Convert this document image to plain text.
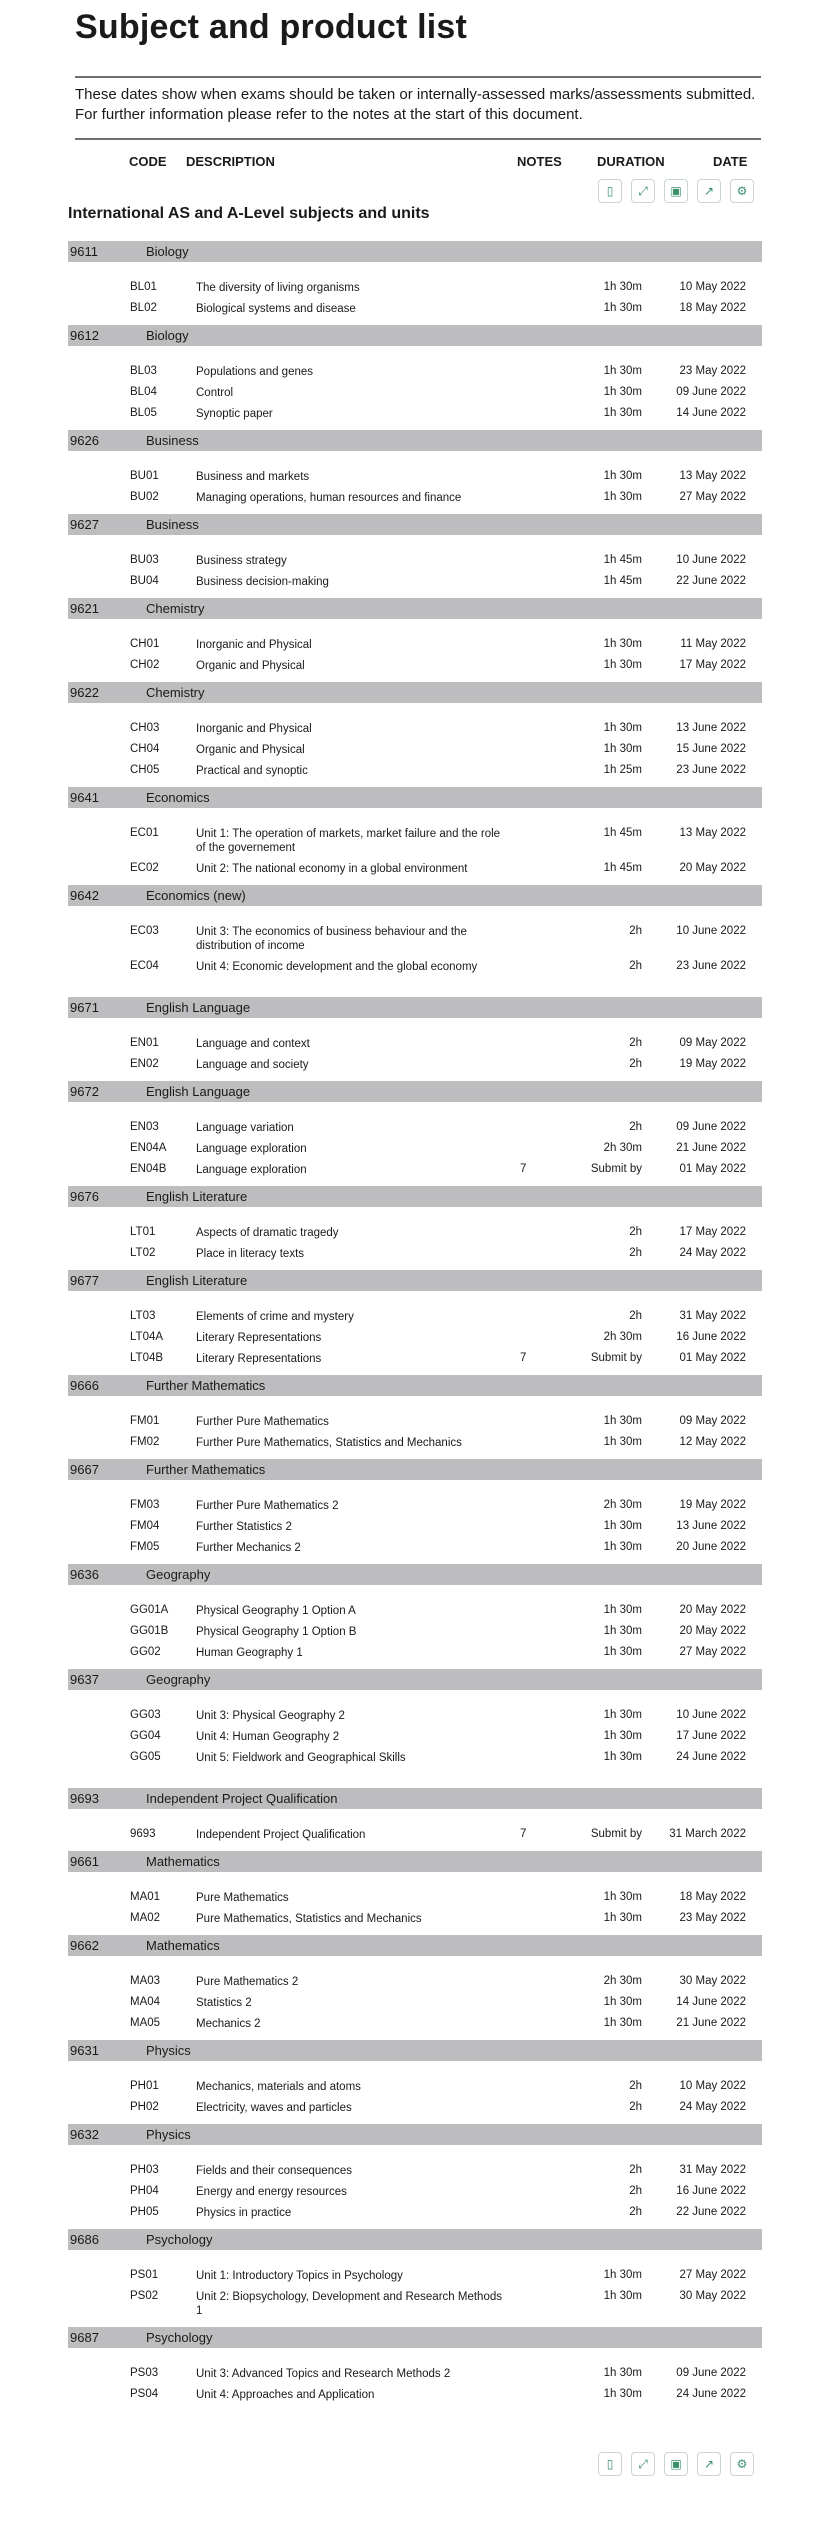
Subject and product list
These dates show when exams should be taken or internally-assessed marks/assessments submitted. For further information please refer to the notes at the start of this document.
CODE DESCRIPTION	NOTES	DURATION	DATE
▯	⤢	▣	↗	⚙
International AS and A-Level subjects and units
9611	Biology
BL01	The diversity of living organisms	1h 30m	10 May 2022
BL02	Biological systems and disease	1h 30m	18 May 2022
9612	Biology
BL03	Populations and genes	1h 30m	23 May 2022
BL04	Control	1h 30m	09 June 2022
BL05	Synoptic paper	1h 30m	14 June 2022
9626	Business
BU01	Business and markets	1h 30m	13 May 2022
BU02	Managing operations, human resources and finance	1h 30m	27 May 2022
9627	Business
BU03	Business strategy	1h 45m	10 June 2022
BU04	Business decision-making	1h 45m	22 June 2022
9621	Chemistry
CH01	Inorganic and Physical	1h 30m	11 May 2022
CH02	Organic and Physical	1h 30m	17 May 2022
9622	Chemistry
CH03	Inorganic and Physical	1h 30m	13 June 2022
CH04	Organic and Physical	1h 30m	15 June 2022
CH05	Practical and synoptic	1h 25m	23 June 2022
9641	Economics
EC01	Unit 1: The operation of markets, market failure and the role of the governement
1h 45m	13 May 2022
EC02	Unit 2: The national economy in a global environment	1h 45m	20 May 2022
9642	Economics (new)
EC03	Unit 3: The economics of business behaviour and the distribution of income
2h	10 June 2022
EC04	Unit 4: Economic development and the global economy	2h	23 June 2022
9671	English Language
EN01	Language and context	2h	09 May 2022
EN02	Language and society	2h	19 May 2022
9672	English Language
EN03	Language variation	2h	09 June 2022
EN04A	Language exploration	2h 30m	21 June 2022
EN04B	Language exploration	7	Submit by	01 May 2022
9676	English Literature
LT01	Aspects of dramatic tragedy	2h	17 May 2022
LT02	Place in literacy texts	2h	24 May 2022
9677	English Literature
LT03	Elements of crime and mystery	2h	31 May 2022
LT04A	Literary Representations	2h 30m	16 June 2022
LT04B	Literary Representations	7	Submit by	01 May 2022
9666	Further Mathematics
FM01	Further Pure Mathematics	1h 30m	09 May 2022
FM02	Further Pure Mathematics, Statistics and Mechanics	1h 30m	12 May 2022
9667	Further Mathematics
FM03	Further Pure Mathematics 2	2h 30m	19 May 2022
FM04	Further Statistics 2	1h 30m	13 June 2022
FM05	Further Mechanics 2	1h 30m	20 June 2022
9636	Geography
GG01A Physical Geography 1 Option A	1h 30m	20 May 2022
GG01B Physical Geography 1 Option B	1h 30m	20 May 2022
GG02	Human Geography 1	1h 30m	27 May 2022
9637	Geography
GG03	Unit 3: Physical Geography 2	1h 30m	10 June 2022
GG04	Unit 4: Human Geography 2	1h 30m	17 June 2022
GG05	Unit 5: Fieldwork and Geographical Skills	1h 30m	24 June 2022
9693	Independent Project Qualification
9693	Independent Project Qualification	7	Submit by	31 March 2022
9661	Mathematics
MA01	Pure Mathematics	1h 30m	18 May 2022
MA02	Pure Mathematics, Statistics and Mechanics	1h 30m	23 May 2022
9662	Mathematics
MA03	Pure Mathematics 2	2h 30m	30 May 2022
MA04	Statistics 2	1h 30m	14 June 2022
MA05	Mechanics 2	1h 30m	21 June 2022
9631	Physics
PH01	Mechanics, materials and atoms	2h	10 May 2022
PH02	Electricity, waves and particles	2h	24 May 2022
9632	Physics
PH03	Fields and their consequences	2h	31 May 2022
PH04	Energy and energy resources	2h	16 June 2022
PH05	Physics in practice	2h	22 June 2022
9686	Psychology
PS01	Unit 1: Introductory Topics in Psychology	1h 30m	27 May 2022
PS02	Unit 2: Biopsychology, Development and Research Methods 1
1h 30m	30 May 2022
9687	Psychology
PS03	Unit 3: Advanced Topics and Research Methods 2	1h 30m	09 June 2022
PS04	Unit 4: Approaches and Application	1h 30m	24 June 2022
▯	⤢	▣	↗	⚙
